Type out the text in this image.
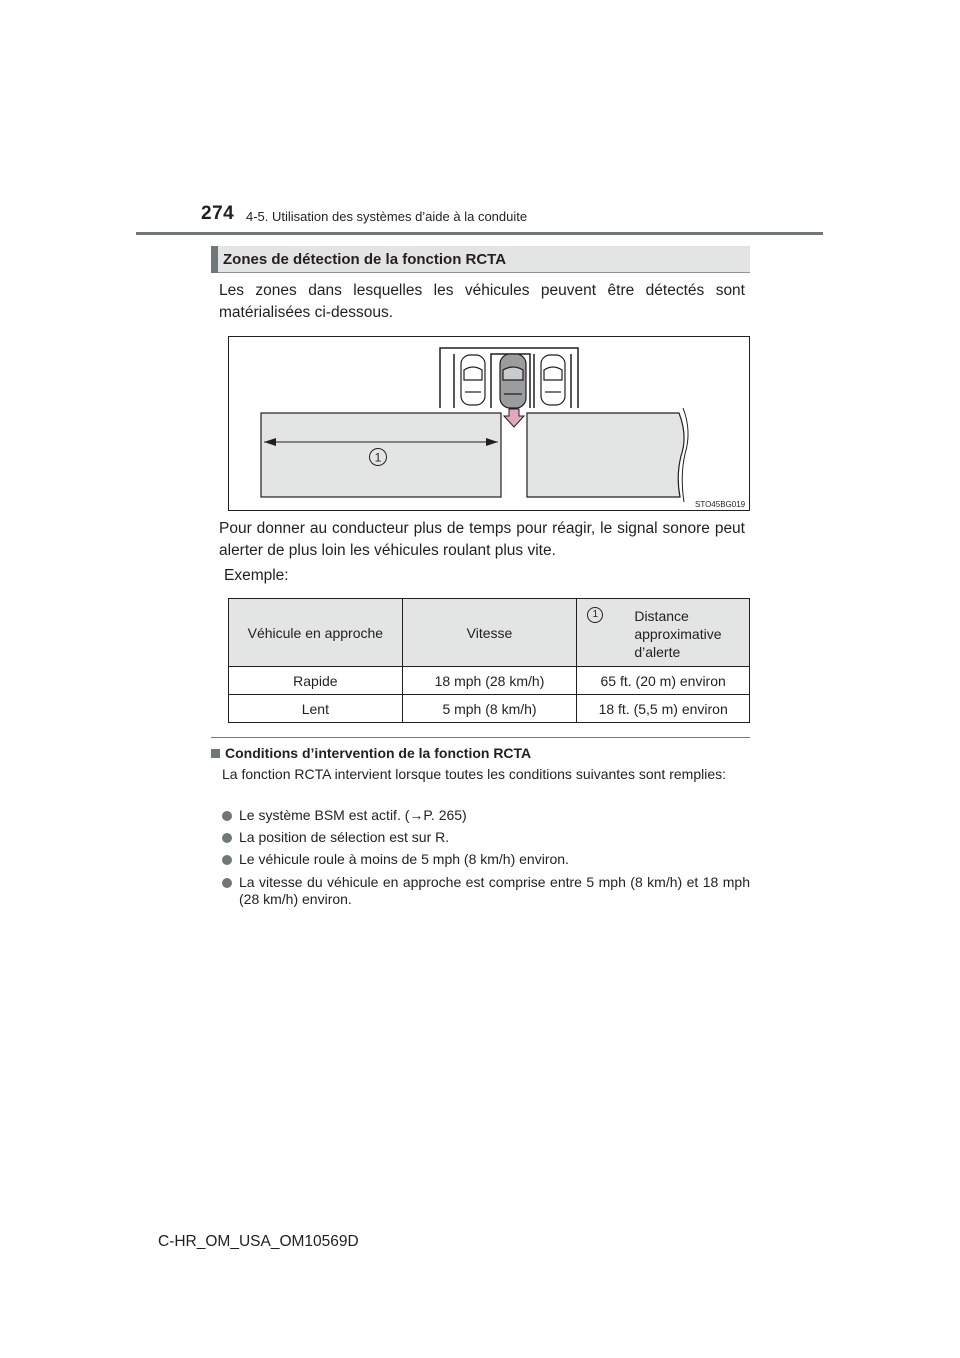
274 4-5. Utilisation des systèmes d’aide à la conduite
Zones de détection de la fonction RCTA
Les zones dans lesquelles les véhicules peuvent être détectés sont matérialisées ci-dessous.
1
STO45BG019
Pour donner au conducteur plus de temps pour réagir, le signal sonore peut alerter de plus loin les véhicules roulant plus vite.
Exemple:
Véhicule en approche	Vitesse	1 Distance approximative d’alerte

Rapide	18 mph (28 km/h)	65 ft. (20 m) environ
Lent	5 mph (8 km/h)	18 ft. (5,5 m) environ
Conditions d’intervention de la fonction RCTA
La fonction RCTA intervient lorsque toutes les conditions suivantes sont remplies:
Le système BSM est actif. (→P. 265)
La position de sélection est sur R.
Le véhicule roule à moins de 5 mph (8 km/h) environ.
La vitesse du véhicule en approche est comprise entre 5 mph (8 km/h) et 18 mph (28 km/h) environ.
C-HR_OM_USA_OM10569D
